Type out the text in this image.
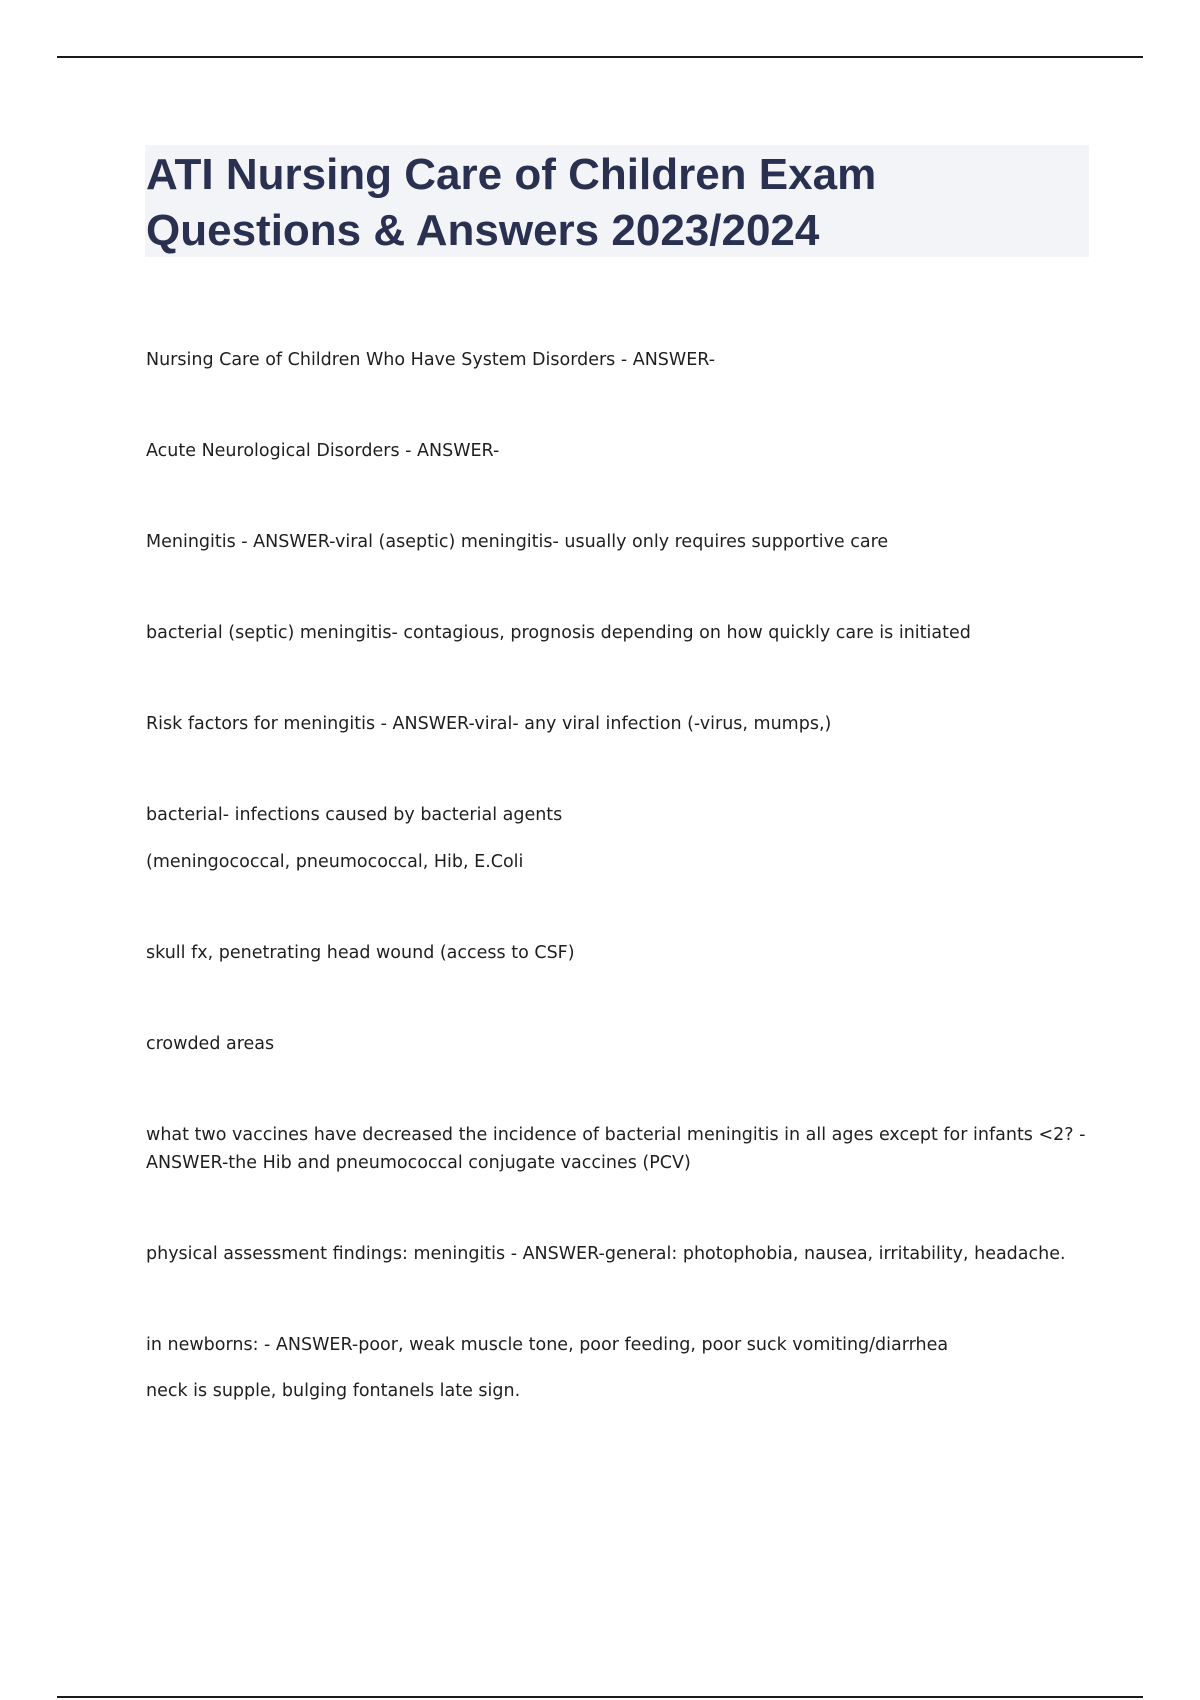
ATI Nursing Care of Children Exam Questions & Answers 2023/2024

Nursing Care of Children Who Have System Disorders - ANSWER-

Acute Neurological Disorders - ANSWER-

Meningitis - ANSWER-viral (aseptic) meningitis- usually only requires supportive care

bacterial (septic) meningitis- contagious, prognosis depending on how quickly care is initiated

Risk factors for meningitis - ANSWER-viral- any viral infection (-virus, mumps,)

bacterial- infections caused by bacterial agents

(meningococcal, pneumococcal, Hib, E.Coli

skull fx, penetrating head wound (access to CSF)

crowded areas

what two vaccines have decreased the incidence of bacterial meningitis in all ages except for infants <2? - ANSWER-the Hib and pneumococcal conjugate vaccines (PCV)

physical assessment findings: meningitis - ANSWER-general: photophobia, nausea, irritability, headache.

in newborns: - ANSWER-poor, weak muscle tone, poor feeding, poor suck vomiting/diarrhea

neck is supple, bulging fontanels late sign.
